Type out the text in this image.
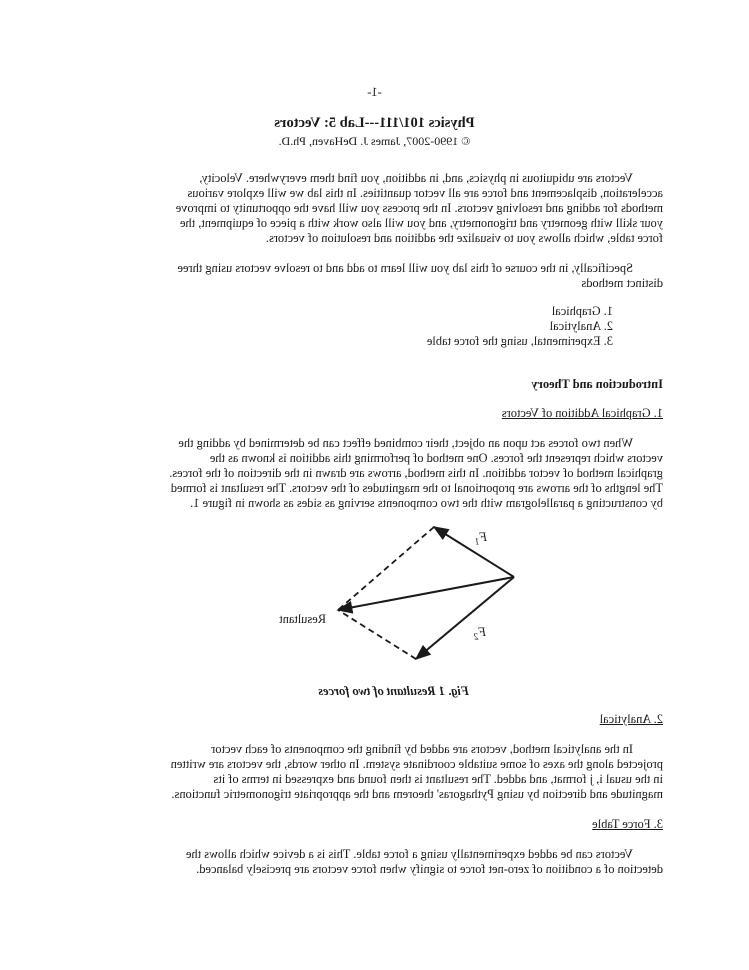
-1-

Physics 101/111---Lab 5: Vectors

© 1990-2007, James J. DeHaven, Ph.D.

Vectors are ubiquitous in physics, and, in addition, you find them everywhere. Velocity,

acceleration, displacement and force are all vector quantities. In this lab we will explore various

methods for adding and resolving vectors. In the process you will have the opportunity to improve

your skill with geometry and trigonometry, and you will also work with a piece of equipment, the

force table, which allows you to visualize the addition and resolution of vectors.

Specifically, in the course of this lab you will learn to add and to resolve vectors using three

distinct methods

1. Graphical

2. Analytical

3. Experimental, using the force table

Introduction and Theory

1. Graphical Addition of Vectors

When two forces act upon an object, their combined effect can be determined by adding the

vectors which represent the forces. One method of performing this addition is known as the

graphical method of vector addition. In this method, arrows are drawn in the direction of the forces.

The lengths of the arrows are proportional to the magnitudes of the vectors. The resultant is formed

by constructing a parallelogram with the two components serving as sides as shown in figure 1.

$F_1$

$F_2$

Resultant

Fig. 1 Resultant of two forces

2. Analytical

In the analytical method, vectors are added by finding the components of each vector

projected along the axes of some suitable coordinate system. In other words, the vectors are written

in the usual i, j format, and added. The resultant is then found and expressed in terms of its

magnitude and direction by using Pythagoras' theorem and the appropriate trigonometric functions.

3. Force Table

Vectors can be added experimentally using a force table. This is a device which allows the

detection of a condition of zero-net force to signify when force vectors are precisely balanced.
